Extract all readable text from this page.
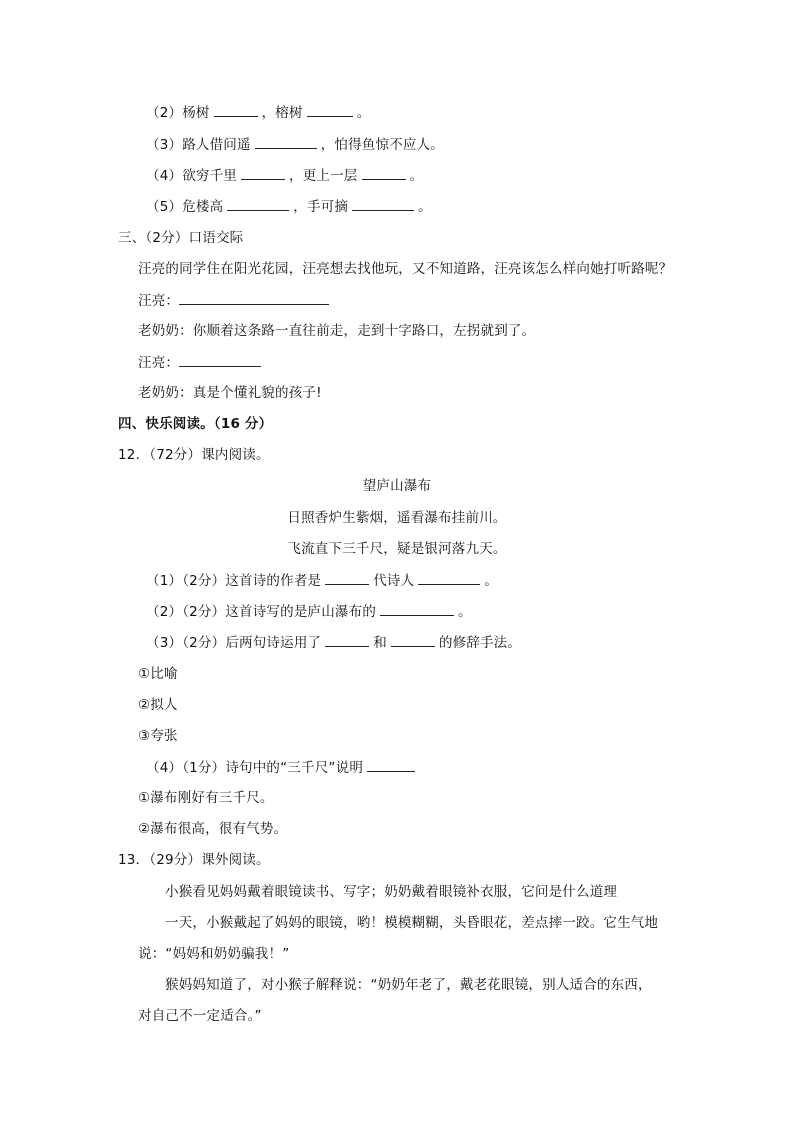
（2）杨树	，榕树	。
（3）路人借问遥	，怕得鱼惊不应人。
（4）欲穷千里	，更上一层	。
（5）危楼高	，手可摘	。
三、（2分）口语交际
汪亮的同学住在阳光花园，汪亮想去找他玩，又不知道路，汪亮该怎么样向她打听路呢？
汪亮：
老奶奶：你顺着这条路一直往前走，走到十字路口，左拐就到了。
汪亮：
老奶奶：真是个懂礼貌的孩子!
四、快乐阅读。（16 分）
12．（72分）课内阅读。
望庐山瀑布
日照香炉生紫烟，遥看瀑布挂前川。
飞流直下三千尺，疑是银河落九天。
（1）（2分）这首诗的作者是	代诗人	。
（2）（2分）这首诗写的是庐山瀑布的	。
（3）（2分）后两句诗运用了	和	的修辞手法。
①比喻
②拟人
③夸张
（4）（1分）诗句中的“三千尺”说明
①瀑布刚好有三千尺。
②瀑布很高，很有气势。
13．（29分）课外阅读。
小猴看见妈妈戴着眼镜读书、写字；奶奶戴着眼镜补衣服，它问是什么道理
一天，小猴戴起了妈妈的眼镜，哟！模模糊糊，头昏眼花，差点摔一跤。它生气地
说：“妈妈和奶奶骗我！”
猴妈妈知道了，对小猴子解释说：“奶奶年老了，戴老花眼镜，别人适合的东西，
对自己不一定适合。”
